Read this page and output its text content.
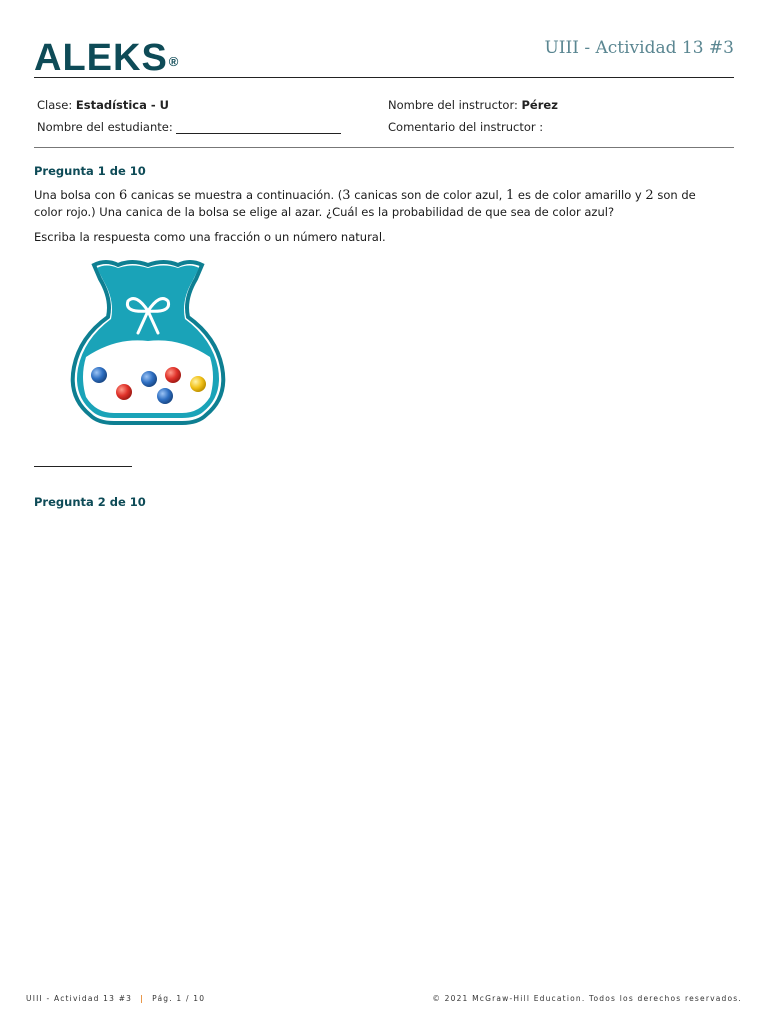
ALEKS®
UIII - Actividad 13 #3
Clase: Estadística - U	Nombre del instructor: Pérez
Nombre del estudiante:	Comentario del instructor :
Pregunta 1 de 10
Una bolsa con 6 canicas se muestra a continuación. (3 canicas son de color azul, 1 es de color amarillo y 2 son de color rojo.) Una canica de la bolsa se elige al azar. ¿Cuál es la probabilidad de que sea de color azul?
Escriba la respuesta como una fracción o un número natural.
Pregunta 2 de 10
UIII - Actividad 13 #3 | Pág. 1 / 10	© 2021 McGraw-Hill Education. Todos los derechos reservados.
